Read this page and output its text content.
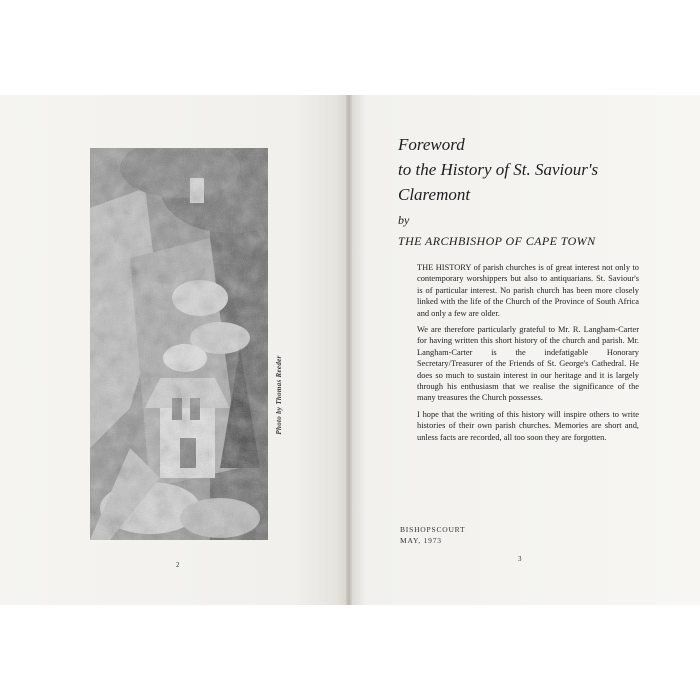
Photo by Thomas Reeder
2
Foreword
to the History of St. Saviour's
Claremont
by
THE ARCHBISHOP OF CAPE TOWN

THE HISTORY of parish churches is of great interest not only to contemporary worshippers but also to antiquarians. St. Saviour's is of particular interest. No parish church has been more closely linked with the life of the Church of the Province of South Africa and only a few are older.

We are therefore particularly grateful to Mr. R. Langham-Carter for having written this short history of the church and parish. Mr. Langham-Carter is the indefatigable Honorary Secretary/Treasurer of the Friends of St. George's Cathedral. He does so much to sustain interest in our heritage and it is largely through his enthusiasm that we realise the significance of the many treasures the Church possesses.

I hope that the writing of this history will inspire others to write histories of their own parish churches. Memories are short and, unless facts are recorded, all too soon they are forgotten.

BISHOPSCOURT
MAY, 1973
3
